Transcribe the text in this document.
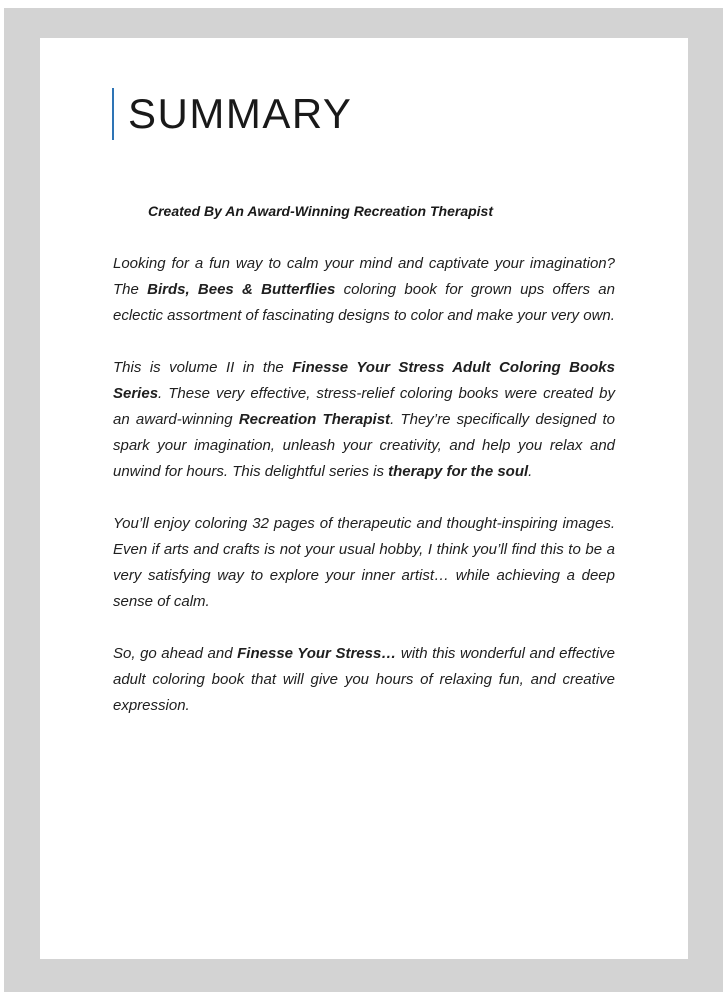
SUMMARY

Created By An Award-Winning Recreation Therapist

Looking for a fun way to calm your mind and captivate your imagination? The Birds, Bees & Butterflies coloring book for grown ups offers an eclectic assortment of fascinating designs to color and make your very own.

This is volume II in the Finesse Your Stress Adult Coloring Books Series. These very effective, stress-relief coloring books were created by an award-winning Recreation Therapist. They’re specifically designed to spark your imagination, unleash your creativity, and help you relax and unwind for hours. This delightful series is therapy for the soul.

You’ll enjoy coloring 32 pages of therapeutic and thought-inspiring images. Even if arts and crafts is not your usual hobby, I think you’ll find this to be a very satisfying way to explore your inner artist… while achieving a deep sense of calm.

So, go ahead and Finesse Your Stress… with this wonderful and effective adult coloring book that will give you hours of relaxing fun, and creative expression.
